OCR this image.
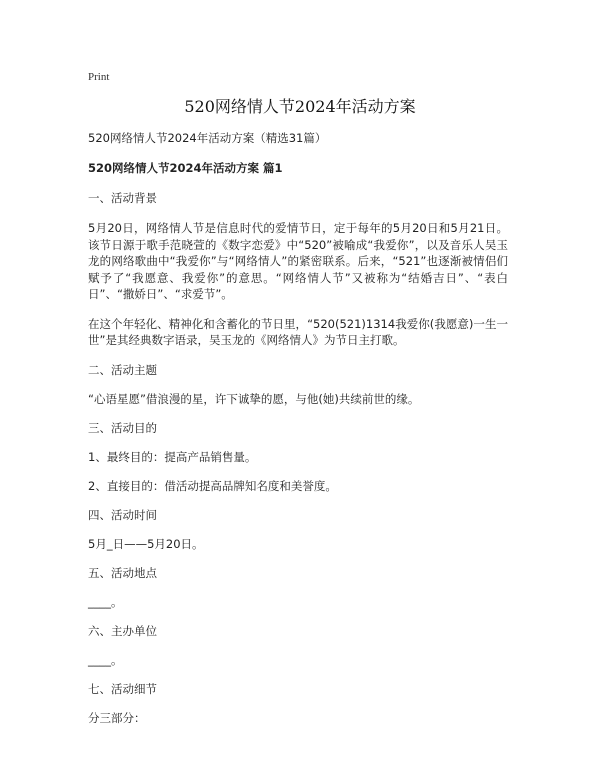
Print
520网络情人节2024年活动方案

520网络情人节2024年活动方案（精选31篇）

520网络情人节2024年活动方案 篇1

一、活动背景

5月20日，网络情人节是信息时代的爱情节日，定于每年的5月20日和5月21日。该节日源于歌手范晓萱的《数字恋爱》中“520”被喻成“我爱你”，以及音乐人吴玉龙的网络歌曲中“我爱你”与“网络情人”的紧密联系。后来，“521”也逐渐被情侣们赋予了“我愿意、我爱你”的意思。“网络情人节”又被称为“结婚吉日”、“表白日”、“撒娇日”、“求爱节”。

在这个年轻化、精神化和含蓄化的节日里，“520(521)1314我爱你(我愿意)一生一世”是其经典数字语录，吴玉龙的《网络情人》为节日主打歌。

二、活动主题

“心语星愿”借浪漫的星，许下诚挚的愿，与他(她)共续前世的缘。

三、活动目的

1、最终目的：提高产品销售量。

2、直接目的：借活动提高品牌知名度和美誉度。

四、活动时间

5月_日——5月20日。

五、活动地点

____。

六、主办单位

____。

七、活动细节

分三部分：
